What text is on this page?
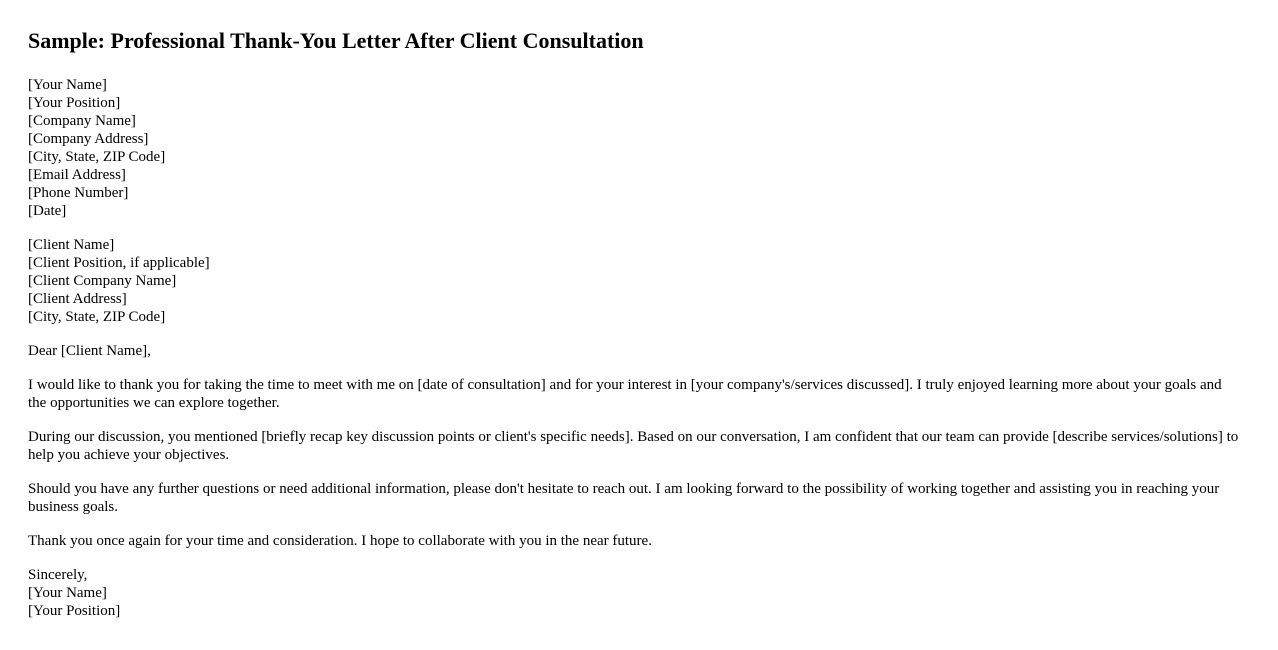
Sample: Professional Thank-You Letter After Client Consultation
[Your Name]
[Your Position]
[Company Name]
[Company Address]
[City, State, ZIP Code]
[Email Address]
[Phone Number]
[Date]
[Client Name]
[Client Position, if applicable]
[Client Company Name]
[Client Address]
[City, State, ZIP Code]

Dear [Client Name],

I would like to thank you for taking the time to meet with me on [date of consultation] and for your interest in [your company's/services discussed]. I truly enjoyed learning more about your goals and the opportunities we can explore together.

During our discussion, you mentioned [briefly recap key discussion points or client's specific needs]. Based on our conversation, I am confident that our team can provide [describe services/solutions] to help you achieve your objectives.

Should you have any further questions or need additional information, please don't hesitate to reach out. I am looking forward to the possibility of working together and assisting you in reaching your business goals.

Thank you once again for your time and consideration. I hope to collaborate with you in the near future.

Sincerely,
[Your Name]
[Your Position]
